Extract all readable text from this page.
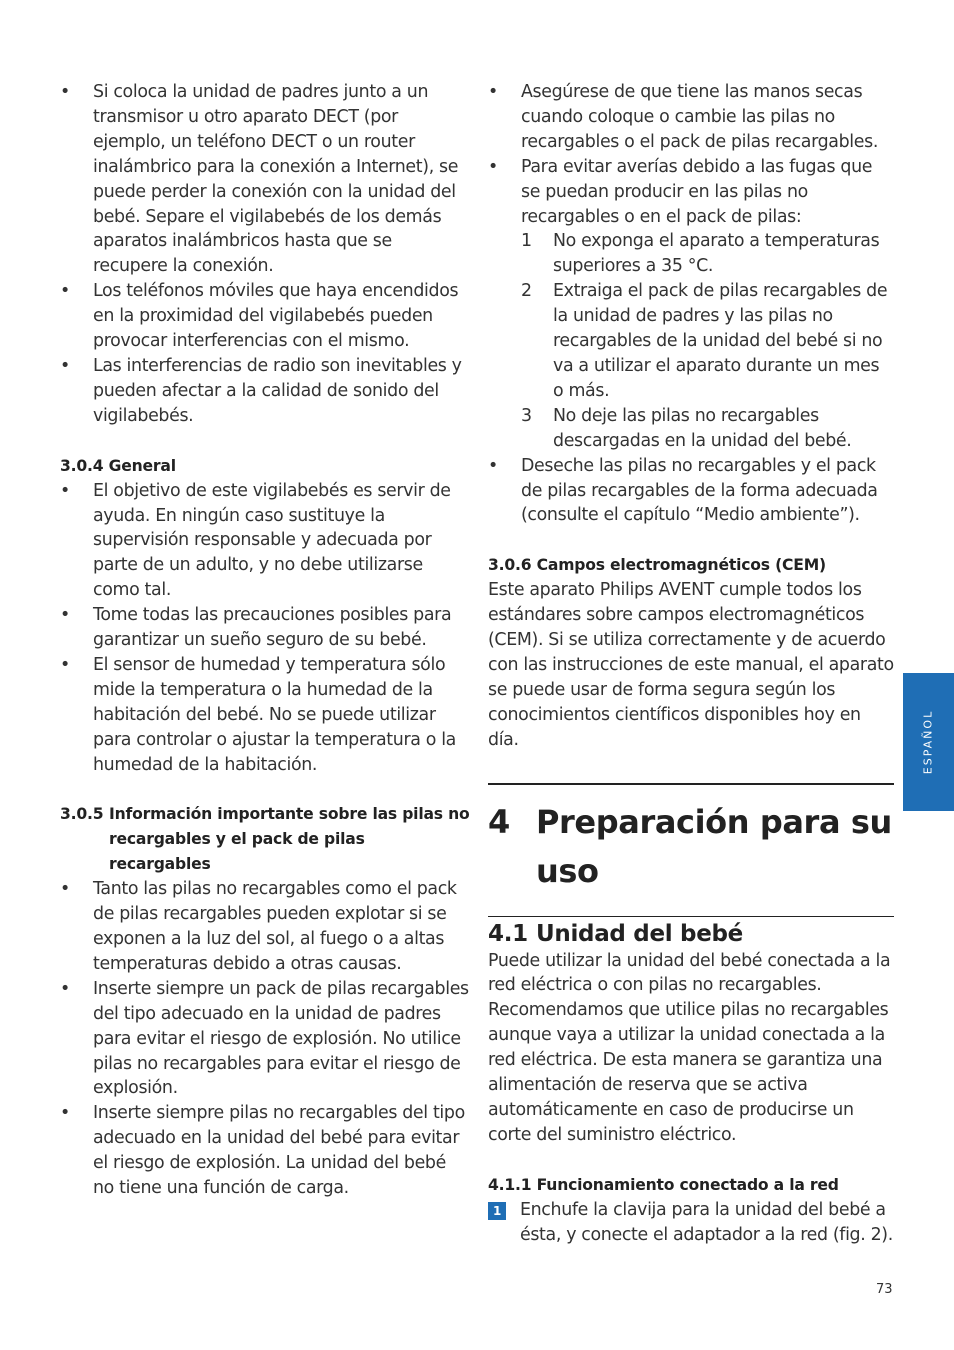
• Si coloca la unidad de padres junto a un transmisor u otro aparato DECT (por ejemplo, un teléfono DECT o un router inalámbrico para la conexión a Internet), se puede perder la conexión con la unidad del bebé. Separe el vigilabebés de los demás aparatos inalámbricos hasta que se recupere la conexión.
• Los teléfonos móviles que haya encendidos en la proximidad del vigilabebés pueden provocar interferencias con el mismo.
• Las interferencias de radio son inevitables y pueden afectar a la calidad de sonido del vigilabebés.
3.0.4 General
• El objetivo de este vigilabebés es servir de ayuda. En ningún caso sustituye la supervisión responsable y adecuada por parte de un adulto, y no debe utilizarse como tal.
• Tome todas las precauciones posibles para garantizar un sueño seguro de su bebé.
• El sensor de humedad y temperatura sólo mide la temperatura o la humedad de la habitación del bebé. No se puede utilizar para controlar o ajustar la temperatura o la humedad de la habitación.
3.0.5 Información importante sobre las pilas no recargables y el pack de pilas recargables
• Tanto las pilas no recargables como el pack de pilas recargables pueden explotar si se exponen a la luz del sol, al fuego o a altas temperaturas debido a otras causas.
• Inserte siempre un pack de pilas recargables del tipo adecuado en la unidad de padres para evitar el riesgo de explosión. No utilice pilas no recargables para evitar el riesgo de explosión.
• Inserte siempre pilas no recargables del tipo adecuado en la unidad del bebé para evitar el riesgo de explosión. La unidad del bebé no tiene una función de carga.
• Asegúrese de que tiene las manos secas cuando coloque o cambie las pilas no recargables o el pack de pilas recargables.
• Para evitar averías debido a las fugas que se puedan producir en las pilas no recargables o en el pack de pilas:
1 No exponga el aparato a temperaturas superiores a 35 °C.
2 Extraiga el pack de pilas recargables de la unidad de padres y las pilas no recargables de la unidad del bebé si no va a utilizar el aparato durante un mes o más.
3 No deje las pilas no recargables descargadas en la unidad del bebé.
• Deseche las pilas no recargables y el pack de pilas recargables de la forma adecuada (consulte el capítulo “Medio ambiente”).
3.0.6 Campos electromagnéticos (CEM)
Este aparato Philips AVENT cumple todos los estándares sobre campos electromagnéticos (CEM). Si se utiliza correctamente y de acuerdo con las instrucciones de este manual, el aparato se puede usar de forma segura según los conocimientos científicos disponibles hoy en día.
4 Preparación para su uso
4.1 Unidad del bebé
Puede utilizar la unidad del bebé conectada a la red eléctrica o con pilas no recargables. Recomendamos que utilice pilas no recargables aunque vaya a utilizar la unidad conectada a la red eléctrica. De esta manera se garantiza una alimentación de reserva que se activa automáticamente en caso de producirse un corte del suministro eléctrico.
4.1.1 Funcionamiento conectado a la red
1 Enchufe la clavija para la unidad del bebé a ésta, y conecte el adaptador a la red (fig. 2).
ESPAÑOL
73
